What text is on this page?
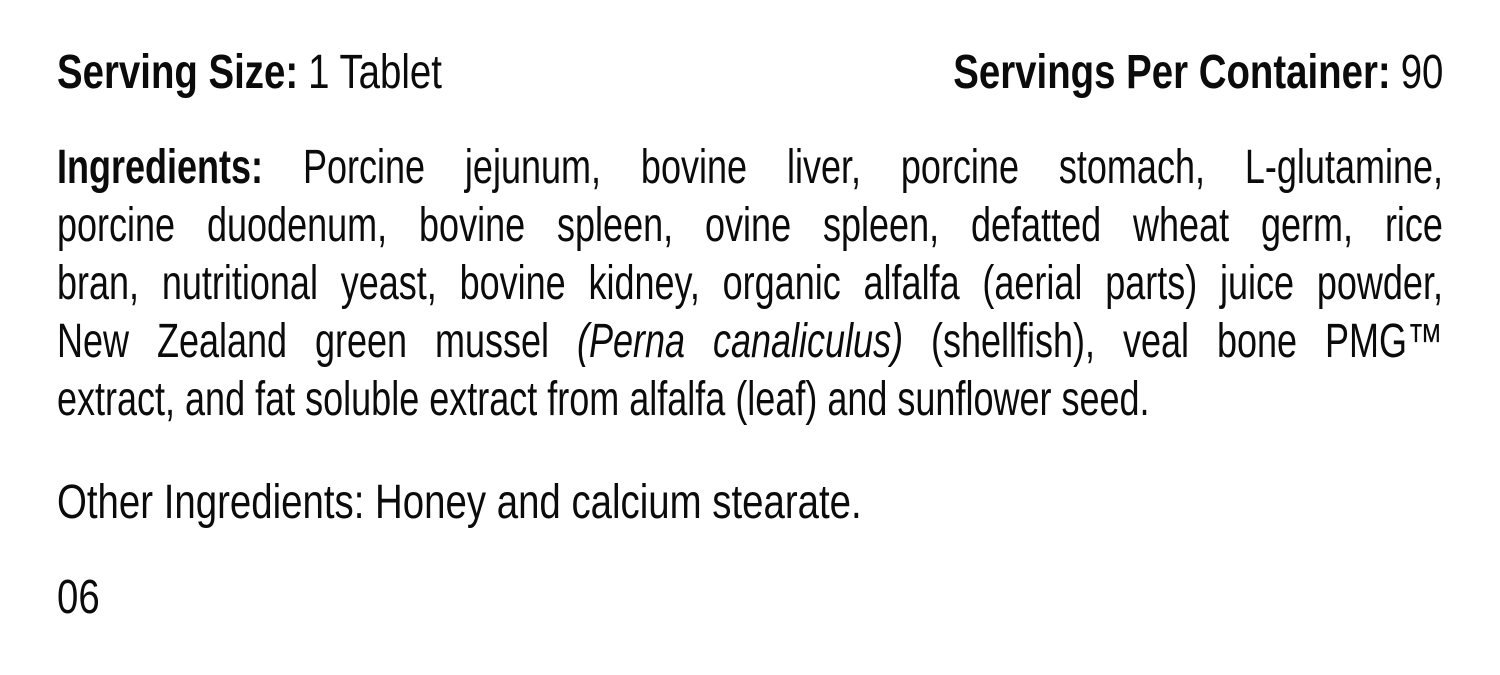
Serving Size: 1 Tablet	Servings Per Container: 90
Ingredients: Porcine jejunum, bovine liver, porcine stomach, L-glutamine,
porcine duodenum, bovine spleen, ovine spleen, defatted wheat germ, rice
bran, nutritional yeast, bovine kidney, organic alfalfa (aerial parts) juice powder,
New Zealand green mussel (Perna canaliculus) (shellfish), veal bone PMG™
extract, and fat soluble extract from alfalfa (leaf) and sunflower seed.
Other Ingredients: Honey and calcium stearate.
06
